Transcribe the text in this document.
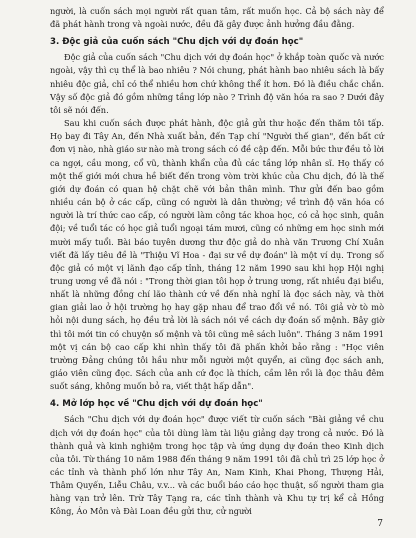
người, là cuốn sách mọi người rất quan tâm, rất muốn học. Cả bộ sách này để đã phát hành trong và ngoài nước, đều đã gây được ảnh hưởng đầu đằng.

3. Độc giả của cuốn sách "Chu dịch với dự đoán học"

Độc giả của cuốn sách "Chu dịch với dự đoán học" ở khắp toàn quốc và nước ngoài, vậy thì cụ thể là bao nhiêu ? Nói chung, phát hành bao nhiêu sách là bấy nhiêu độc giả, chỉ có thể nhiều hơn chứ không thể ít hơn. Đó là điều chắc chắn. Vậy số độc giả đó gồm những tầng lớp nào ? Trình độ văn hóa ra sao ? Dưới đây tôi sẽ nói đến.

Sau khi cuốn sách được phát hành, độc giả gửi thư hoặc đến thăm tôi tấp. Họ bay đi Tây An, đến Nhà xuất bản, đến Tạp chí "Người thế gian", đến bất cứ đơn vị nào, nhà giáo sư nào mà trong sách có đề cập đến. Mỗi bức thư đều tỏ lời ca ngợi, cầu mong, cổ vũ, thành khẩn của đủ các tầng lớp nhân sĩ. Họ thấy có một thế giới mới chưa hề biết đến trong vòm trời khúc của Chu dịch, đó là thế giới dự đoán có quan hệ chặt chẽ với bản thân mình. Thư gửi đến bao gồm nhiều cán bộ ở các cấp, cũng có người là dân thường; về trình độ văn hóa có người là trí thức cao cấp, có người làm công tác khoa học, có cả học sinh, quân đội; về tuổi tác có học giả tuổi ngoại tám mươi, cũng có những em học sinh mới mười mấy tuổi. Bài báo tuyên dương thư độc giả do nhà văn Trương Chí Xuân viết đã lấy tiêu đề là "Thiệu Vĩ Hoa - đại sư về dự đoán" là một ví dụ. Trong số độc giả có một vị lãnh đạo cấp tỉnh, tháng 12 năm 1990 sau khi họp Hội nghị trung ương về đã nói : "Trong thời gian tôi họp ở trung ương, rất nhiều đại biểu, nhất là những đồng chí lão thành cứ về đến nhà nghỉ là đọc sách này, và thời gian giải lao ở hội trường họ hay gặp nhau để trao đổi về nó. Tôi giả vờ tò mò hỏi nội dung sách, họ đều trả lời là sách nói về cách dự đoán số mệnh. Bây giờ thì tôi mới tin có chuyện số mệnh và tôi cũng mê sách luôn". Tháng 3 năm 1991 một vị cán bộ cao cấp khi nhìn thấy tôi đã phấn khởi bảo rằng : "Học viên trường Đảng chúng tôi hầu như mỗi người một quyển, ai cũng đọc sách anh, giáo viên cũng đọc. Sách của anh cứ đọc là thích, cầm lên rồi là đọc thâu đêm suốt sáng, không muốn bỏ ra, viết thật hấp dẫn".

4. Mở lớp học về "Chu dịch với dự đoán học"

Sách "Chu dịch với dự đoán học" được viết từ cuốn sách "Bài giảng về chu dịch với dự đoán học" của tôi dùng làm tài liệu giảng dạy trong cả nước. Đó là thành quả và kinh nghiệm trong học tập và ứng dụng dự đoán theo Kinh dịch của tôi. Từ tháng 10 năm 1988 đến tháng 9 năm 1991 tôi đã chủ trì 25 lớp học ở các tỉnh và thành phố lớn như Tây An, Nam Kinh, Khai Phong, Thượng Hải, Thâm Quyến, Liễu Châu, v.v... và các buổi báo cáo học thuật, số người tham gia hàng vạn trở lên. Trừ Tây Tạng ra, các tỉnh thành và Khu tự trị kể cả Hồng Kông, Áo Môn và Đài Loan đều gửi thư, cử người

7
